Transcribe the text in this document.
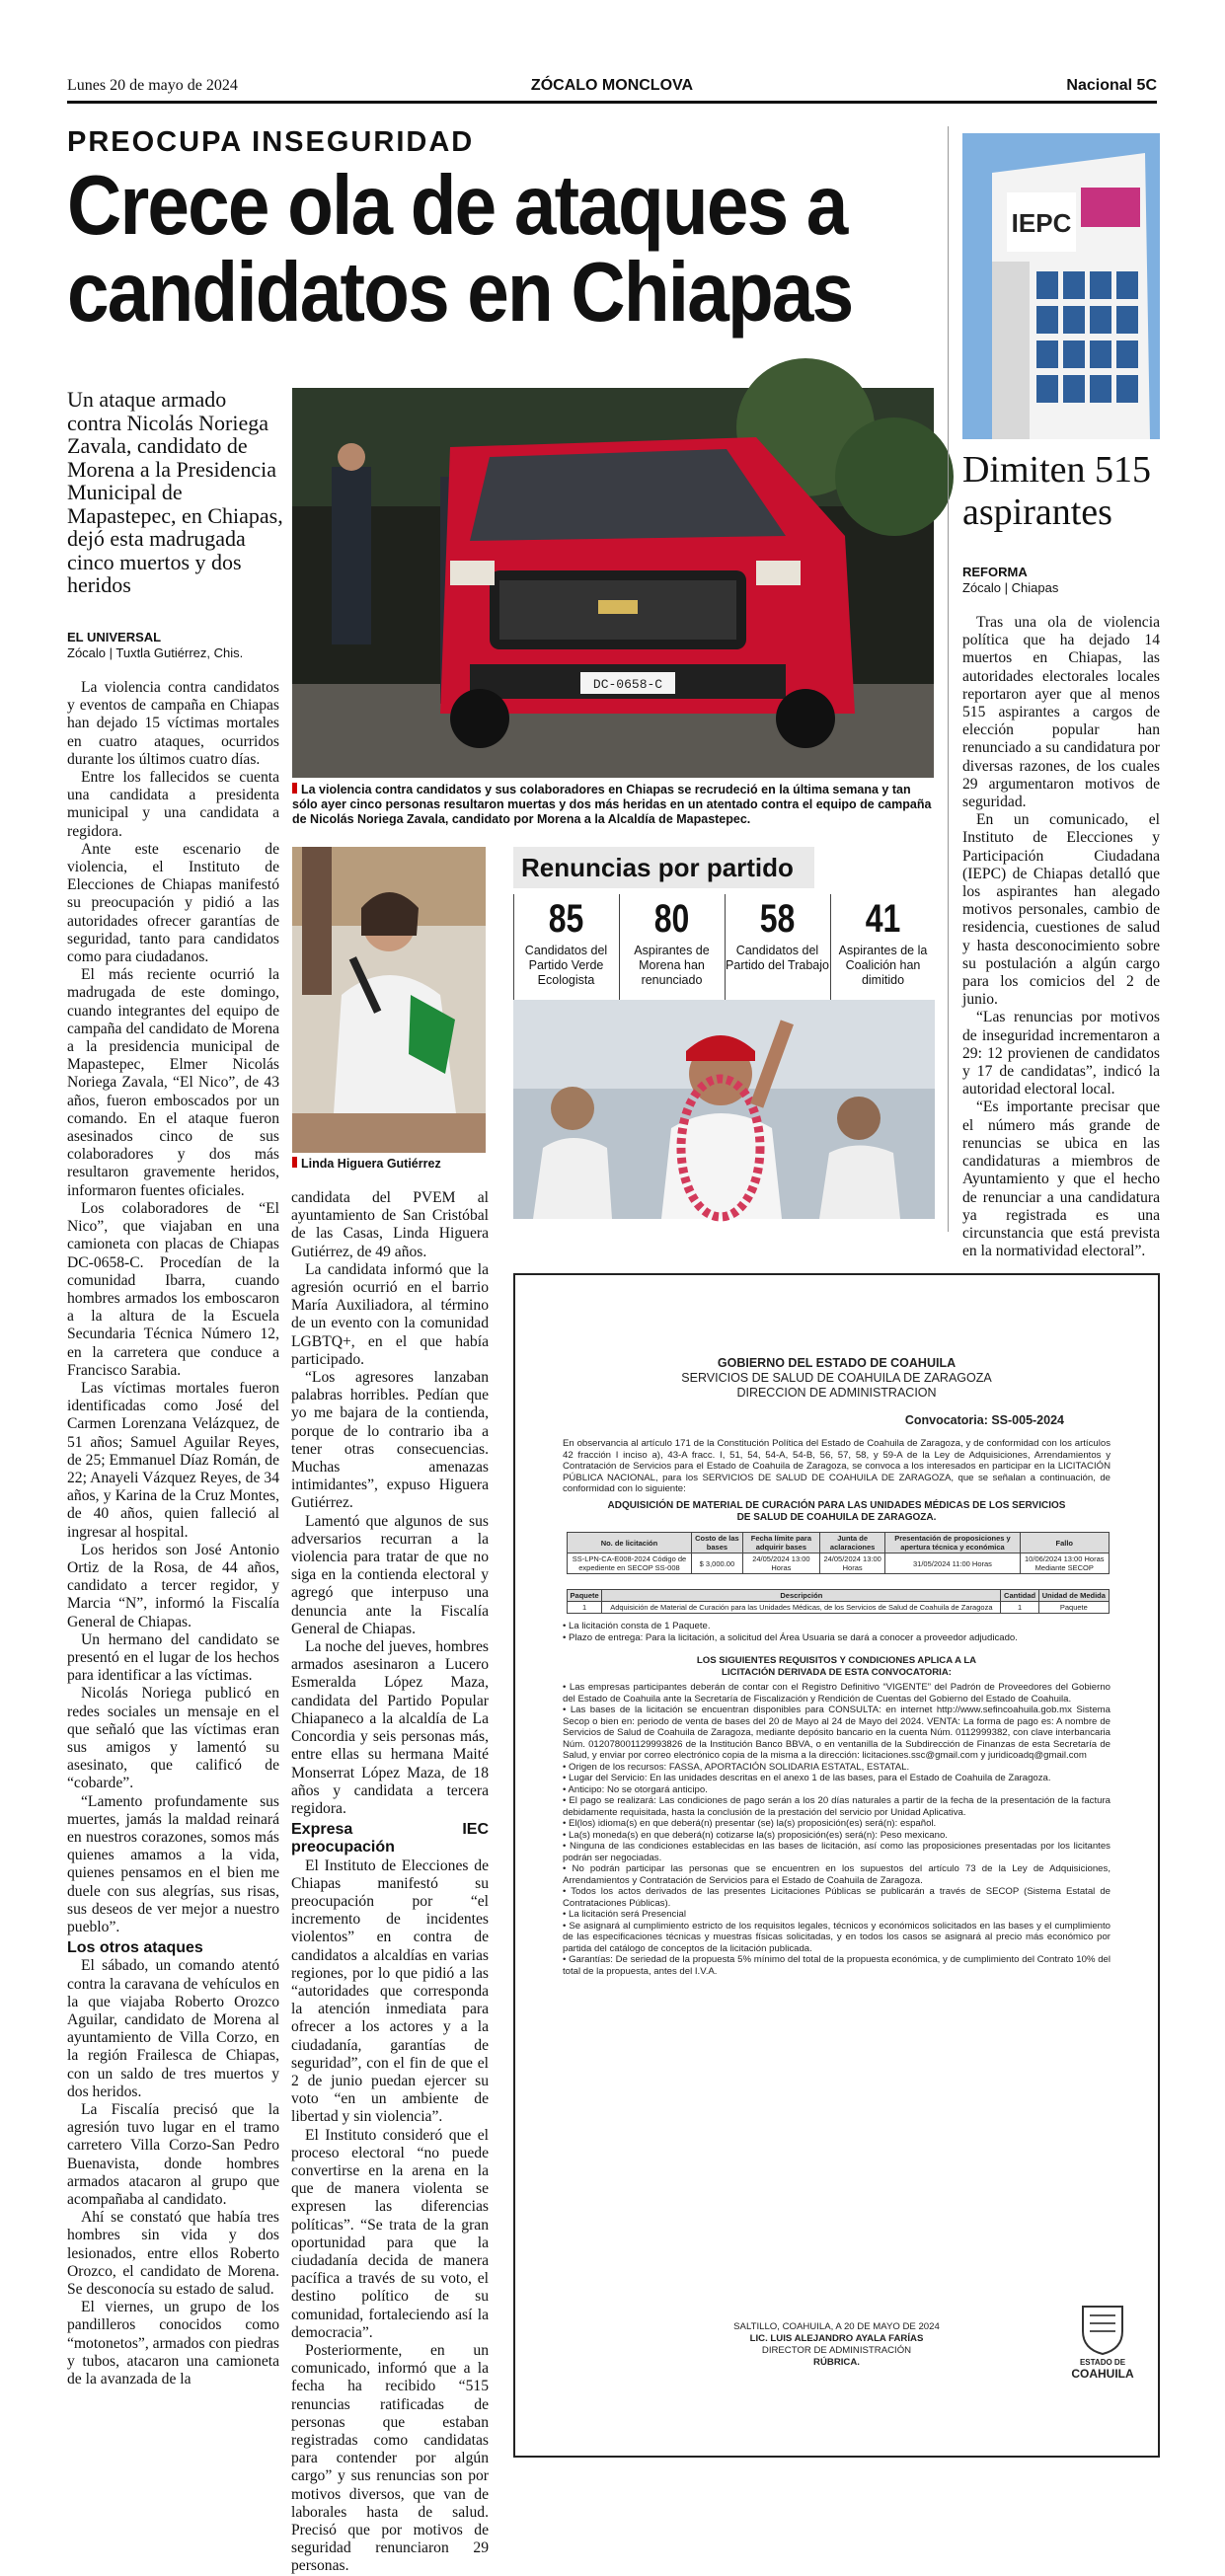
Lunes 20 de mayo de 2024	ZÓCALO MONCLOVA	Nacional 5C
PREOCUPA INSEGURIDAD
Crece ola de ataques a
candidatos en Chiapas
Un ataque armado contra Nicolás Noriega Zavala, candidato de Morena a la Presidencia Municipal de Mapastepec, en Chiapas, dejó esta madrugada cinco muertos y dos heridos
EL UNIVERSAL
Zócalo | Tuxtla Gutiérrez, Chis.
DC-0658-C
La violencia contra candidatos y sus colaboradores en Chiapas se recrudeció en la última semana y tan sólo ayer cinco personas resultaron muertas y dos más heridas en un atentado contra el equipo de campaña de Nicolás Noriega Zavala, candidato por Morena a la Alcaldía de Mapastepec.
Linda Higuera Gutiérrez
Renuncias por partido
85
Candidatos del Partido Verde Ecologista
80
Aspirantes de Morena han renunciado
58
Candidatos del Partido del Trabajo
41
Aspirantes de la Coalición han dimitido

La violencia contra candidatos y eventos de campaña en Chiapas han dejado 15 víctimas mortales en cuatro ataques, ocurridos durante los últimos cuatro días.

Entre los fallecidos se cuenta una candidata a presidenta municipal y una candidata a regidora.

Ante este escenario de violencia, el Instituto de Elecciones de Chiapas manifestó su preocupación y pidió a las autoridades ofrecer garantías de seguridad, tanto para candidatos como para ciudadanos.

El más reciente ocurrió la madrugada de este domingo, cuando integrantes del equipo de campaña del candidato de Morena a la presidencia municipal de Mapastepec, Elmer Nicolás Noriega Zavala, “El Nico”, de 43 años, fueron emboscados por un comando. En el ataque fueron asesinados cinco de sus colaboradores y dos más resultaron gravemente heridos, informaron fuentes oficiales.

Los colaboradores de “El Nico”, que viajaban en una camioneta con placas de Chiapas DC-0658-C. Procedían de la comunidad Ibarra, cuando hombres armados los emboscaron a la altura de la Escuela Secundaria Técnica Número 12, en la carretera que conduce a Francisco Sarabia.

Las víctimas mortales fueron identificadas como José del Carmen Lorenzana Velázquez, de 51 años; Samuel Aguilar Reyes, de 25; Emmanuel Díaz Román, de 22; Anayeli Vázquez Reyes, de 34 años, y Karina de la Cruz Montes, de 40 años, quien falleció al ingresar al hospital.

Los heridos son José Antonio Ortiz de la Rosa, de 44 años, candidato a tercer regidor, y Marcia “N”, informó la Fiscalía General de Chiapas.

Un hermano del candidato se presentó en el lugar de los hechos para identificar a las víctimas.

Nicolás Noriega publicó en redes sociales un mensaje en el que señaló que las víctimas eran sus amigos y lamentó su asesinato, que calificó de “cobarde”.

“Lamento profundamente sus muertes, jamás la maldad reinará en nuestros corazones, somos más quienes amamos a la vida, quienes pensamos en el bien me duele con sus alegrías, sus risas, sus deseos de ver mejor a nuestro pueblo”.

Los otros ataques

El sábado, un comando atentó contra la caravana de vehículos en la que viajaba Roberto Orozco Aguilar, candidato de Morena al ayuntamiento de Villa Corzo, en la región Frailesca de Chiapas, con un saldo de tres muertos y dos heridos.

La Fiscalía precisó que la agresión tuvo lugar en el tramo carretero Villa Corzo-San Pedro Buenavista, donde hombres armados atacaron al grupo que acompañaba al candidato.

Ahí se constató que había tres hombres sin vida y dos lesionados, entre ellos Roberto Orozco, el candidato de Morena. Se desconocía su estado de salud.

El viernes, un grupo de los pandilleros conocidos como “motonetos”, armados con piedras y tubos, atacaron una camioneta de la avanzada de la

candidata del PVEM al ayuntamiento de San Cristóbal de las Casas, Linda Higuera Gutiérrez, de 49 años.

La candidata informó que la agresión ocurrió en el barrio María Auxiliadora, al término de un evento con la comunidad LGBTQ+, en el que había participado.

“Los agresores lanzaban palabras horribles. Pedían que yo me bajara de la contienda, porque de lo contrario iba a tener otras consecuencias. Muchas amenazas intimidantes”, expuso Higuera Gutiérrez.

Lamentó que algunos de sus adversarios recurran a la violencia para tratar de que no siga en la contienda electoral y agregó que interpuso una denuncia ante la Fiscalía General de Chiapas.

La noche del jueves, hombres armados asesinaron a Lucero Esmeralda López Maza, candidata del Partido Popular Chiapaneco a la alcaldía de La Concordia y seis personas más, entre ellas su hermana Maité Monserrat López Maza, de 18 años y candidata a tercera regidora.

Expresa IEC preocupación

El Instituto de Elecciones de Chiapas manifestó su preocupación por “el incremento de incidentes violentos” en contra de candidatos a alcaldías en varias regiones, por lo que pidió a las “autoridades que corresponda la atención inmediata para ofrecer a los actores y a la ciudadanía, garantías de seguridad”, con el fin de que el 2 de junio puedan ejercer su voto “en un ambiente de libertad y sin violencia”.

El Instituto consideró que el proceso electoral “no puede convertirse en la arena en la que de manera violenta se expresen las diferencias políticas”. “Se trata de la gran oportunidad para que la ciudadanía decida de manera pacífica a través de su voto, el destino político de su comunidad, fortaleciendo así la democracia”.

Posteriormente, en un comunicado, informó que a la fecha ha recibido “515 renuncias ratificadas de personas que estaban registradas como candidatas para contender por algún cargo” y sus renuncias son por motivos diversos, que van de laborales hasta de salud. Precisó que por motivos de seguridad renunciaron 29 personas.

IEPC
Dimiten 515 aspirantes
REFORMA
Zócalo | Chiapas

Tras una ola de violencia política que ha dejado 14 muertos en Chiapas, las autoridades electorales locales reportaron ayer que al menos 515 aspirantes a cargos de elección popular han renunciado a su candidatura por diversas razones, de los cuales 29 argumentaron motivos de seguridad.

En un comunicado, el Instituto de Elecciones y Participación Ciudadana (IEPC) de Chiapas detalló que los aspirantes han alegado motivos personales, cambio de residencia, cuestiones de salud y hasta desconocimiento sobre su postulación a algún cargo para los comicios del 2 de junio.

“Las renuncias por motivos de inseguridad incrementaron a 29: 12 provienen de candidatos y 17 de candidatas”, indicó la autoridad electoral local.

“Es importante precisar que el número más grande de renuncias se ubica en las candidaturas a miembros de Ayuntamiento y que el hecho de renunciar a una candidatura ya registrada es una circunstancia que está prevista en la normatividad electoral”.

GOBIERNO DEL ESTADO DE COAHUILA
SERVICIOS DE SALUD DE COAHUILA DE ZARAGOZA
DIRECCION DE ADMINISTRACION
Convocatoria: SS-005-2024
En observancia al artículo 171 de la Constitución Política del Estado de Coahuila de Zaragoza, y de conformidad con los artículos 42 fracción I inciso a), 43-A fracc. I, 51, 54, 54-A, 54-B, 56, 57, 58, y 59-A de la Ley de Adquisiciones, Arrendamientos y Contratación de Servicios para el Estado de Coahuila de Zaragoza, se convoca a los interesados en participar en la LICITACIÓN PÚBLICA NACIONAL, para los SERVICIOS DE SALUD DE COAHUILA DE ZARAGOZA, que se señalan a continuación, de conformidad con lo siguiente:
ADQUISICIÓN DE MATERIAL DE CURACIÓN PARA LAS UNIDADES MÉDICAS DE LOS SERVICIOS DE SALUD DE COAHUILA DE ZARAGOZA.
No. de licitación	Costo de las bases	Fecha límite para adquirir bases	Junta de aclaraciones	Presentación de proposiciones y apertura técnica y económica	Fallo
SS-LPN-CA-E008-2024 Código de expediente en SECOP SS-008	$ 3,000.00	24/05/2024 13:00 Horas	24/05/2024 13:00 Horas	31/05/2024 11:00 Horas	10/06/2024 13:00 Horas Mediante SECOP
Paquete	Descripción	Cantidad	Unidad de Medida
1	Adquisición de Material de Curación para las Unidades Médicas, de los Servicios de Salud de Coahuila de Zaragoza	1	Paquete
• La licitación consta de 1 Paquete.
• Plazo de entrega: Para la licitación, a solicitud del Área Usuaria se dará a conocer a proveedor adjudicado.
LOS SIGUIENTES REQUISITOS Y CONDICIONES APLICA A LA LICITACIÓN DERIVADA DE ESTA CONVOCATORIA:
• Las empresas participantes deberán de contar con el Registro Definitivo “VIGENTE” del Padrón de Proveedores del Gobierno del Estado de Coahuila ante la Secretaría de Fiscalización y Rendición de Cuentas del Gobierno del Estado de Coahuila.
• Las bases de la licitación se encuentran disponibles para CONSULTA: en internet http://www.sefincoahuila.gob.mx Sistema Secop o bien en: periodo de venta de bases del 20 de Mayo al 24 de Mayo del 2024. VENTA: La forma de pago es: A nombre de Servicios de Salud de Coahuila de Zaragoza, mediante depósito bancario en la cuenta Núm. 0112999382, con clave interbancaria Núm. 012078001129993826 de la Institución Banco BBVA, o en ventanilla de la Subdirección de Finanzas de esta Secretaría de Salud, y enviar por correo electrónico copia de la misma a la dirección: licitaciones.ssc@gmail.com y juridicoadq@gmail.com
• Origen de los recursos: FASSA, APORTACIÓN SOLIDARIA ESTATAL, ESTATAL.
• Lugar del Servicio: En las unidades descritas en el anexo 1 de las bases, para el Estado de Coahuila de Zaragoza.
• Anticipo: No se otorgará anticipo.
• El pago se realizará: Las condiciones de pago serán a los 20 días naturales a partir de la fecha de la presentación de la factura debidamente requisitada, hasta la conclusión de la prestación del servicio por Unidad Aplicativa.
• El(los) idioma(s) en que deberá(n) presentar (se) la(s) proposición(es) será(n): español.
• La(s) moneda(s) en que deberá(n) cotizarse la(s) proposición(es) será(n): Peso mexicano.
• Ninguna de las condiciones establecidas en las bases de licitación, así como las proposiciones presentadas por los licitantes podrán ser negociadas.
• No podrán participar las personas que se encuentren en los supuestos del artículo 73 de la Ley de Adquisiciones, Arrendamientos y Contratación de Servicios para el Estado de Coahuila de Zaragoza.
• Todos los actos derivados de las presentes Licitaciones Públicas se publicarán a través de SECOP (Sistema Estatal de Contrataciones Públicas).
• La licitación será Presencial
• Se asignará al cumplimiento estricto de los requisitos legales, técnicos y económicos solicitados en las bases y el cumplimiento de las especificaciones técnicas y muestras físicas solicitadas, y en todos los casos se asignará al precio más económico por partida del catálogo de conceptos de la licitación publicada.
• Garantías: De seriedad de la propuesta 5% mínimo del total de la propuesta económica, y de cumplimiento del Contrato 10% del total de la propuesta, antes del I.V.A.
SALTILLO, COAHUILA, A 20 DE MAYO DE 2024
LIC. LUIS ALEJANDRO AYALA FARÍAS
DIRECTOR DE ADMINISTRACIÓN
RÚBRICA.	ESTADO DE
COAHUILA
